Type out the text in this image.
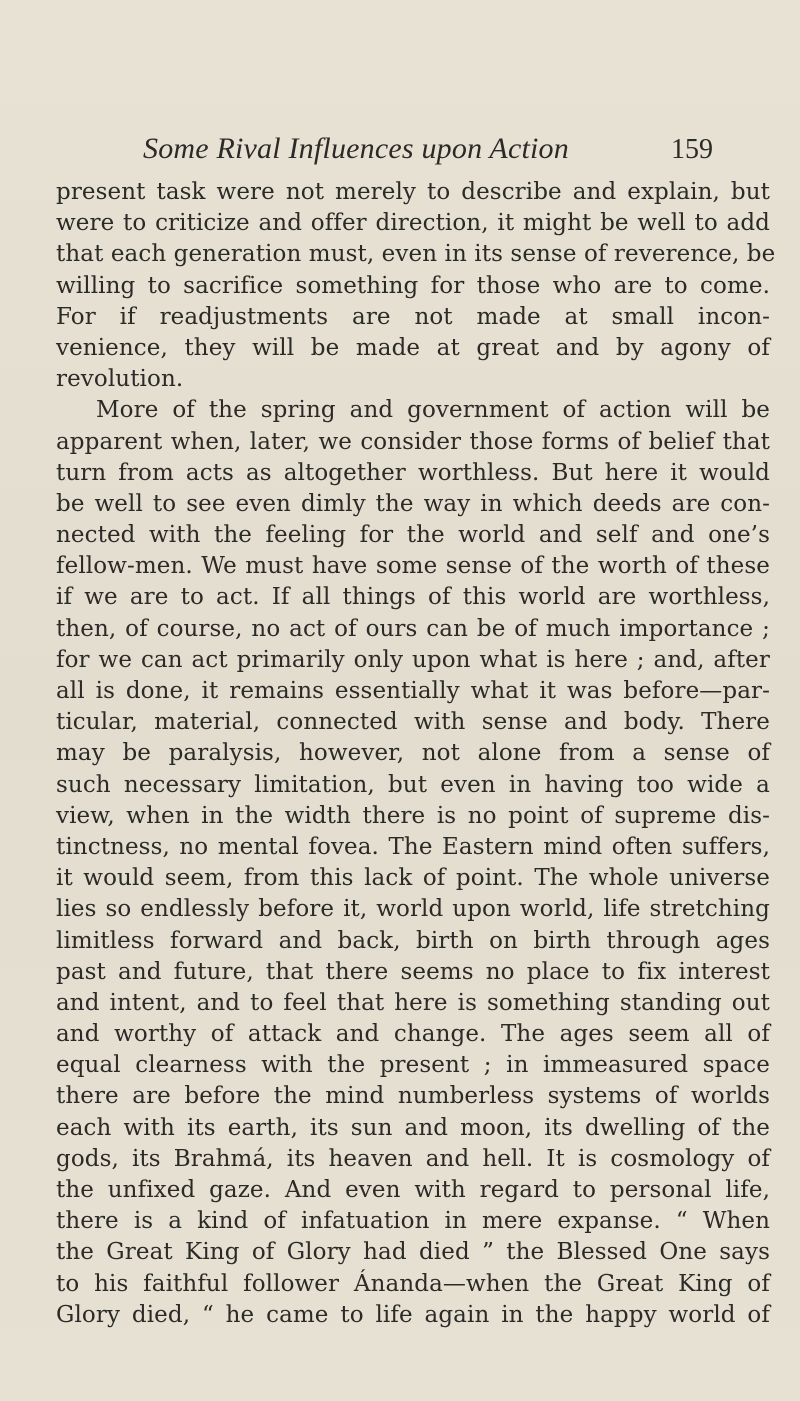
Some Rival Influences upon Action	159
present task were not merely to describe and explain, but
were to criticize and offer direction, it might be well to add
that each generation must, even in its sense of reverence, be
willing to sacrifice something for those who are to come.
For if readjustments are not made at small incon-
venience, they will be made at great and by agony of
revolution.
More of the spring and government of action will be
apparent when, later, we consider those forms of belief that
turn from acts as altogether worthless. But here it would
be well to see even dimly the way in which deeds are con-
nected with the feeling for the world and self and one’s
fellow-men. We must have some sense of the worth of these
if we are to act. If all things of this world are worthless,
then, of course, no act of ours can be of much importance ;
for we can act primarily only upon what is here ; and, after
all is done, it remains essentially what it was before—par-
ticular, material, connected with sense and body. There
may be paralysis, however, not alone from a sense of
such necessary limitation, but even in having too wide a
view, when in the width there is no point of supreme dis-
tinctness, no mental fovea. The Eastern mind often suffers,
it would seem, from this lack of point. The whole universe
lies so endlessly before it, world upon world, life stretching
limitless forward and back, birth on birth through ages
past and future, that there seems no place to fix interest
and intent, and to feel that here is something standing out
and worthy of attack and change. The ages seem all of
equal clearness with the present ; in immeasured space
there are before the mind numberless systems of worlds
each with its earth, its sun and moon, its dwelling of the
gods, its Brahmá, its heaven and hell. It is cosmology of
the unfixed gaze. And even with regard to personal life,
there is a kind of infatuation in mere expanse. “ When
the Great King of Glory had died ” the Blessed One says
to his faithful follower Ánanda—when the Great King of
Glory died, “ he came to life again in the happy world of
